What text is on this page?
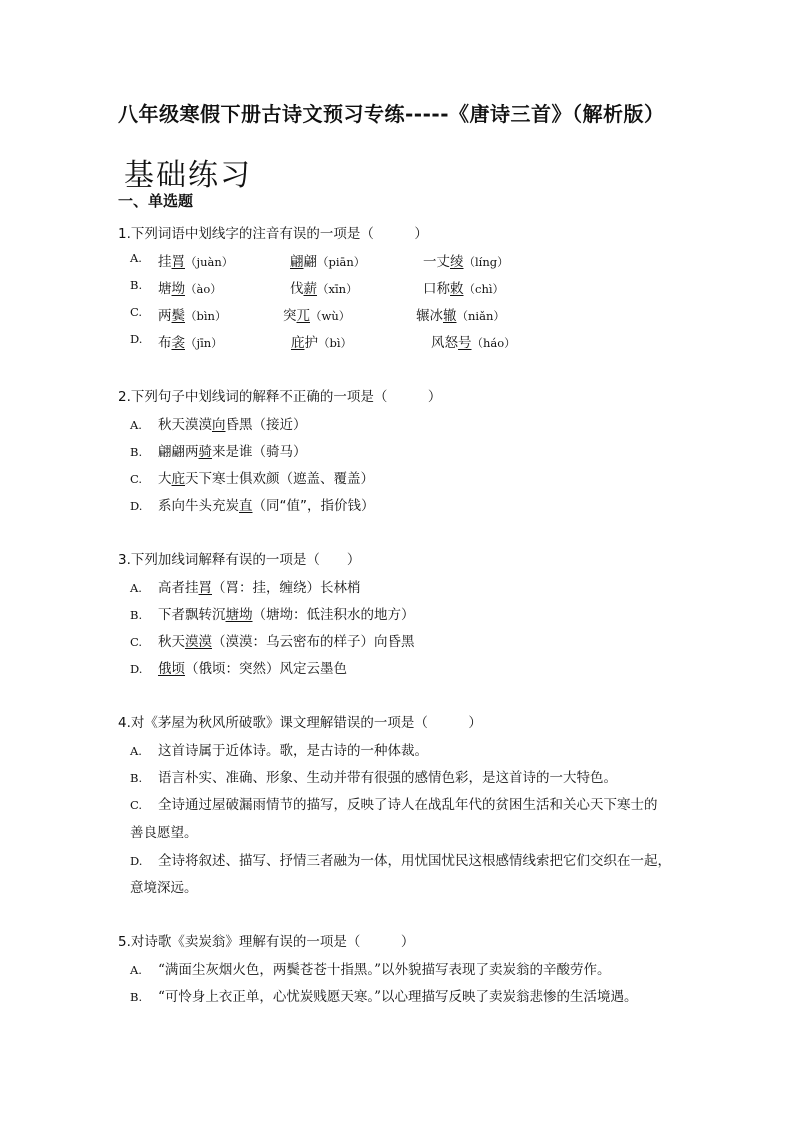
八年级寒假下册古诗文预习专练-----《唐诗三首》（解析版）
基础练习
一、单选题
1.下列词语中划线字的注音有误的一项是（　　　）
A.	挂罥（juàn）	翩翩（piān）	一丈绫（líng）
B.	塘坳（ào）	伐薪（xīn）	口称敕（chì）
C.	两鬓（bìn）	突兀（wù）	辗冰辙（niǎn）
D.	布衾（jīn）	庇护（bì）	风怒号（háo）
2.下列句子中划线词的解释不正确的一项是（　　　）
A. 秋天漠漠向昏黑（接近）
B. 翩翩两骑来是谁（骑马）
C. 大庇天下寒士俱欢颜（遮盖、覆盖）
D. 系向牛头充炭直（同“值”，指价钱）
3.下列加线词解释有误的一项是（　　）
A. 高者挂罥（罥：挂，缠绕）长林梢
B. 下者飘转沉塘坳（塘坳：低洼积水的地方）
C. 秋天漠漠（漠漠：乌云密布的样子）向昏黑
D. 俄顷（俄顷：突然）风定云墨色
4.对《茅屋为秋风所破歌》课文理解错误的一项是（　　　）
A. 这首诗属于近体诗。歌，是古诗的一种体裁。
B. 语言朴实、准确、形象、生动并带有很强的感情色彩，是这首诗的一大特色。
C. 全诗通过屋破漏雨情节的描写，反映了诗人在战乱年代的贫困生活和关心天下寒士的
善良愿望。
D. 全诗将叙述、描写、抒情三者融为一体，用忧国忧民这根感情线索把它们交织在一起，
意境深远。
5.对诗歌《卖炭翁》理解有误的一项是（　　　）
A. “满面尘灰烟火色，两鬓苍苍十指黑。”以外貌描写表现了卖炭翁的辛酸劳作。
B. “可怜身上衣正单，心忧炭贱愿天寒。”以心理描写反映了卖炭翁悲惨的生活境遇。
